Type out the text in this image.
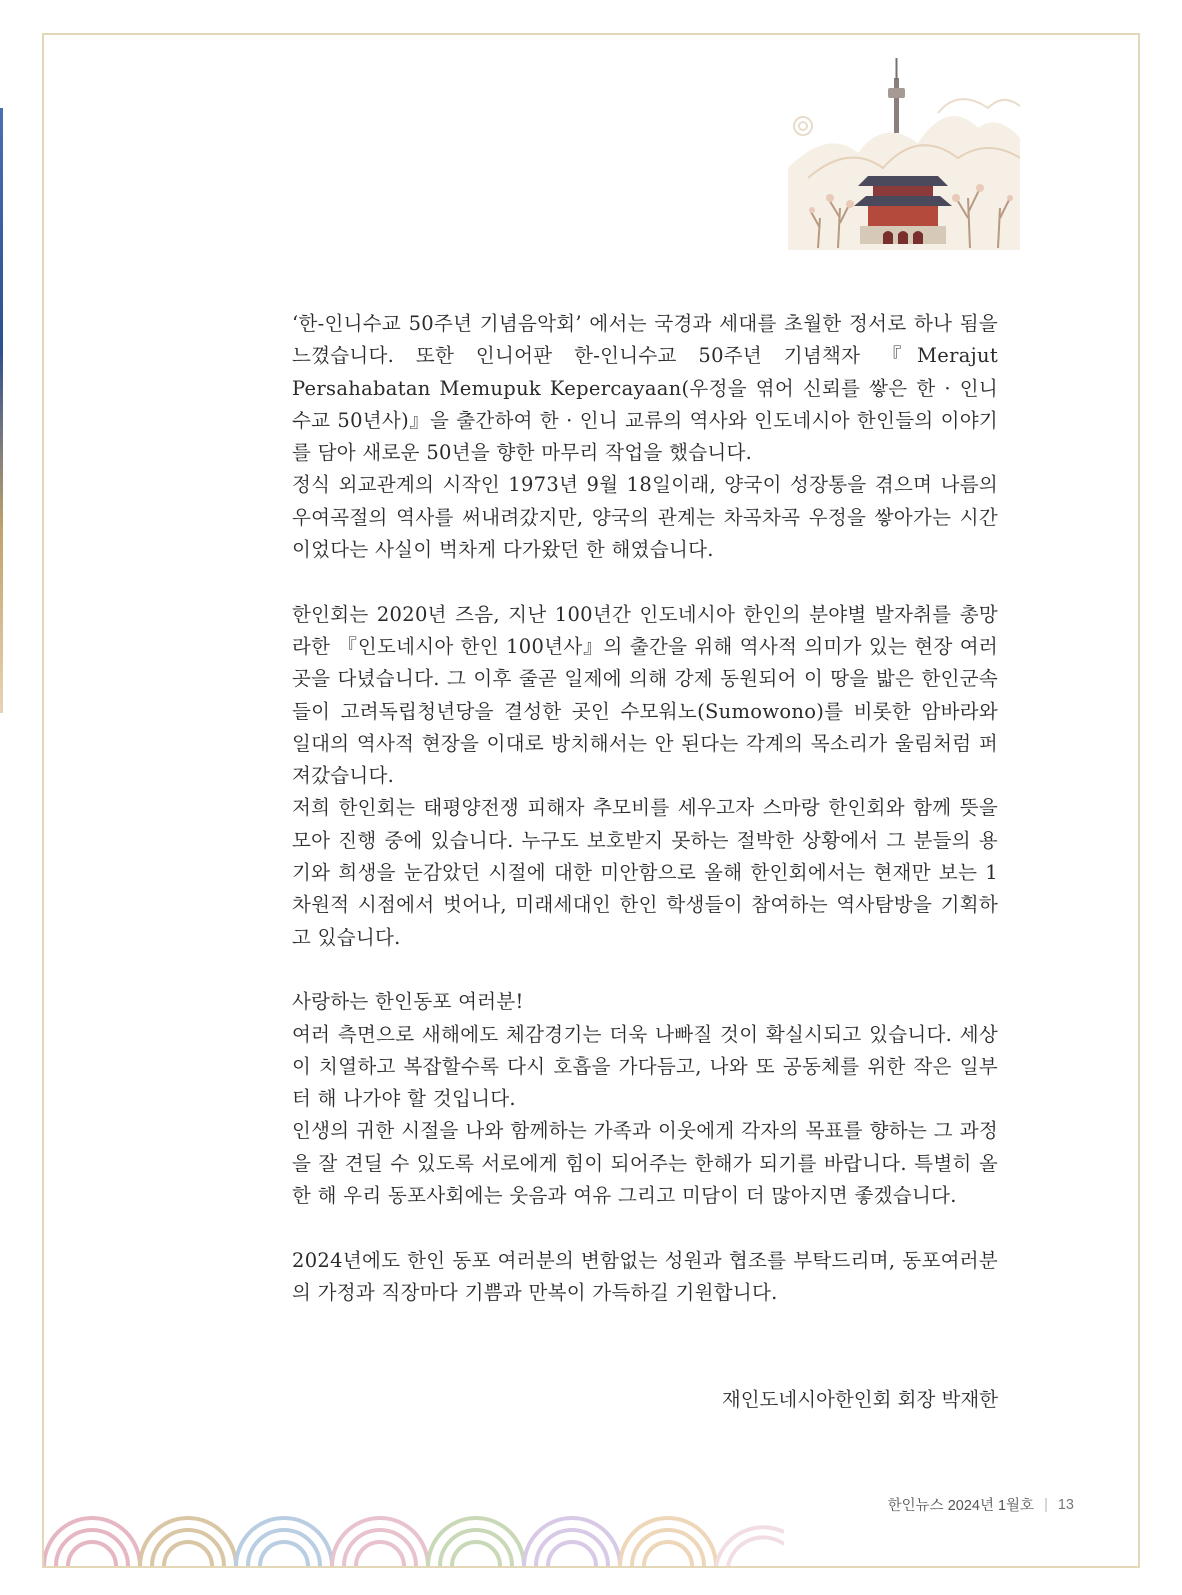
‘한-인니수교 50주년 기념음악회’ 에서는 국경과 세대를 초월한 정서로 하나 됨을 느꼈습니다. 또한 인니어판 한-인니수교 50주년 기념책자 『Merajut Persahabatan Memupuk Kepercayaan(우정을 엮어 신뢰를 쌓은 한 · 인니 수교 50년사)』을 출간하여 한 · 인니 교류의 역사와 인도네시아 한인들의 이야기를 담아 새로운 50년을 향한 마무리 작업을 했습니다.

정식 외교관계의 시작인 1973년 9월 18일이래, 양국이 성장통을 겪으며 나름의 우여곡절의 역사를 써내려갔지만, 양국의 관계는 차곡차곡 우정을 쌓아가는 시간이었다는 사실이 벅차게 다가왔던 한 해였습니다.

한인회는 2020년 즈음, 지난 100년간 인도네시아 한인의 분야별 발자취를 총망라한 『인도네시아 한인 100년사』의 출간을 위해 역사적 의미가 있는 현장 여러 곳을 다녔습니다. 그 이후 줄곧 일제에 의해 강제 동원되어 이 땅을 밟은 한인군속들이 고려독립청년당을 결성한 곳인 수모워노(Sumowono)를 비롯한 암바라와 일대의 역사적 현장을 이대로 방치해서는 안 된다는 각계의 목소리가 울림처럼 퍼져갔습니다.

저희 한인회는 태평양전쟁 피해자 추모비를 세우고자 스마랑 한인회와 함께 뜻을 모아 진행 중에 있습니다. 누구도 보호받지 못하는 절박한 상황에서 그 분들의 용기와 희생을 눈감았던 시절에 대한 미안함으로 올해 한인회에서는 현재만 보는 1차원적 시점에서 벗어나, 미래세대인 한인 학생들이 참여하는 역사탐방을 기획하고 있습니다.

사랑하는 한인동포 여러분!

여러 측면으로 새해에도 체감경기는 더욱 나빠질 것이 확실시되고 있습니다. 세상이 치열하고 복잡할수록 다시 호흡을 가다듬고, 나와 또 공동체를 위한 작은 일부터 해 나가야 할 것입니다.

인생의 귀한 시절을 나와 함께하는 가족과 이웃에게 각자의 목표를 향하는 그 과정을 잘 견딜 수 있도록 서로에게 힘이 되어주는 한해가 되기를 바랍니다. 특별히 올 한 해 우리 동포사회에는 웃음과 여유 그리고 미담이 더 많아지면 좋겠습니다.

2024년에도 한인 동포 여러분의 변함없는 성원과 협조를 부탁드리며, 동포여러분의 가정과 직장마다 기쁨과 만복이 가득하길 기원합니다.

재인도네시아한인회 회장 박재한
한인뉴스 2024년 1월호 | 13
